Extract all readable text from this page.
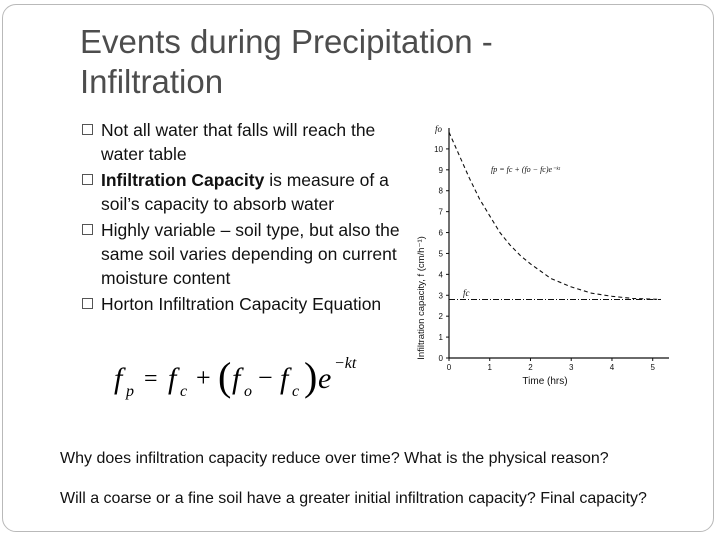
Events during Precipitation -
Infiltration
Not all water that falls will reach the water table
Infiltration Capacity is measure of a soil’s capacity to absorb water
Highly variable – soil type, but also the same soil varies depending on current moisture content
Horton Infiltration Capacity Equation
f p = f c + ( f o − f c ) e −kt	0
1
2
3
4
5
6
7
8
9
10
0	1	2	3	4	5
Infiltration capacity, f (cm/h⁻¹)
Time (hrs)
fo
fc
fp = fc + (fo − fc)e⁻ᵏᵗ
Why does infiltration capacity reduce over time? What is the physical reason?
Will a coarse or a fine soil have a greater initial infiltration capacity? Final capacity?
